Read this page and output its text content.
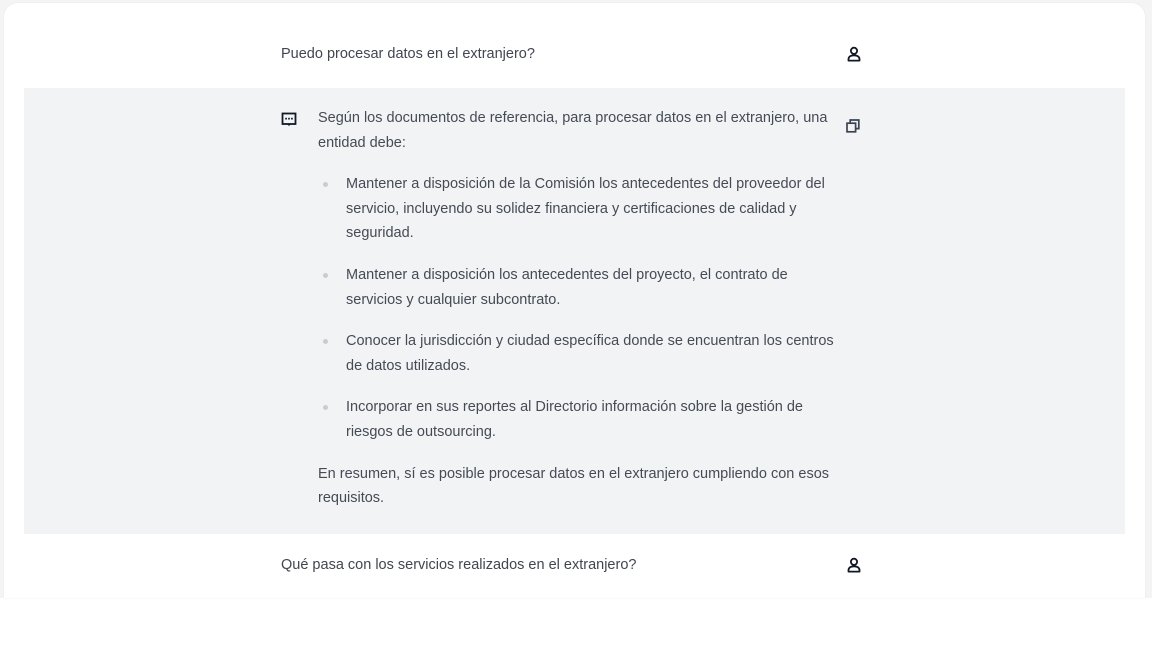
Puedo procesar datos en el extranjero?

Según los documentos de referencia, para procesar datos en el extranjero, una entidad debe:

Mantener a disposición de la Comisión los antecedentes del proveedor del servicio, incluyendo su solidez financiera y certificaciones de calidad y seguridad.
Mantener a disposición los antecedentes del proyecto, el contrato de servicios y cualquier subcontrato.
Conocer la jurisdicción y ciudad específica donde se encuentran los centros de datos utilizados.
Incorporar en sus reportes al Directorio información sobre la gestión de riesgos de outsourcing.

En resumen, sí es posible procesar datos en el extranjero cumpliendo con esos requisitos.

Qué pasa con los servicios realizados en el extranjero?
